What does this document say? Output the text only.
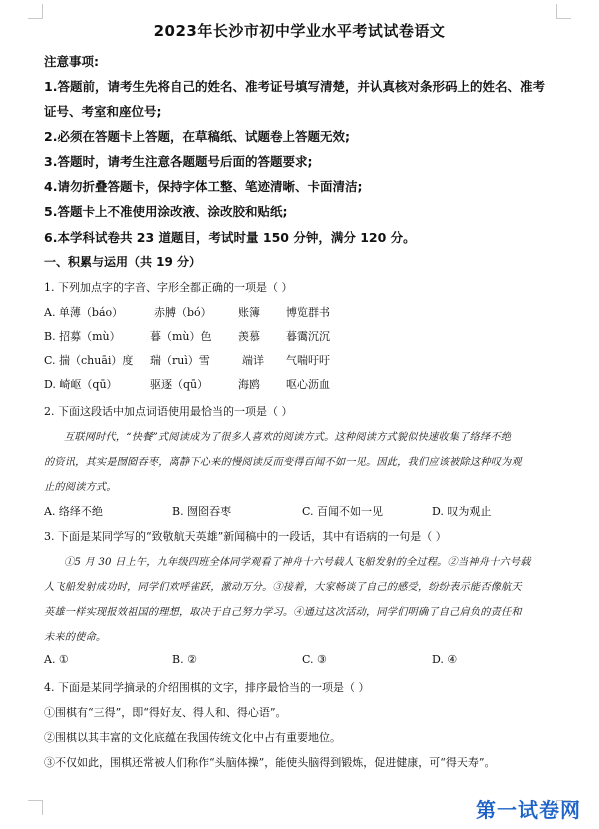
2023年长沙市初中学业水平考试试卷语文
注意事项:
1.答题前，请考生先将自己的姓名、准考证号填写清楚，并认真核对条形码上的姓名、准考
证号、考室和座位号;
2.必须在答题卡上答题，在草稿纸、试题卷上答题无效;
3.答题时，请考生注意各题题号后面的答题要求;
4.请勿折叠答题卡，保持字体工整、笔迹清晰、卡面清洁;
5.答题卡上不准使用涂改液、涂改胶和贴纸;
6.本学科试卷共 23 道题目，考试时量 150 分钟，满分 120 分。
一、积累与运用（共 19 分）
1. 下列加点字的字音、字形全都正确的一项是（ ）
A. 单薄（báo）	赤膊（bó） 账簿 博览群书
B. 招募（mù）	暮（mù）色 羡慕 暮霭沉沉
C. 揣（chuāi）度 瑞（ruì）雪	端详 气喘吁吁
D. 崎岖（qū）	驱逐（qū）	海鸥 呕心沥血
2. 下面这段话中加点词语使用最恰当的一项是（ ）
互联网时代，“快餐”式阅读成为了很多人喜欢的阅读方式。这种阅读方式貌似快速收集了络绎不绝
的资讯，其实是囫囵吞枣，离静下心来的慢阅读反而变得百闻不如一见。因此，我们应该被除这种叹为观
止的阅读方式。
A. 络绎不绝	B. 囫囵吞枣	C. 百闻不如一见	D. 叹为观止
3. 下面是某同学写的“致敬航天英雄”新闻稿中的一段话，其中有语病的一句是（ ）
①5 月 30 日上午，九年级四班全体同学观看了神舟十六号载人飞船发射的全过程。②当神舟十六号载
人飞船发射成功时，同学们欢呼雀跃，激动万分。③接着，大家畅谈了自己的感受，纷纷表示能否像航天
英雄一样实现报效祖国的理想，取决于自己努力学习。④通过这次活动，同学们明确了自己肩负的责任和
未来的使命。
A. ①	B. ②	C. ③	D. ④
4. 下面是某同学摘录的介绍围棋的文字，排序最恰当的一项是（ ）
①围棋有“三得”，即“得好友、得人和、得心语”。
②围棋以其丰富的文化底蕴在我国传统文化中占有重要地位。
③不仅如此，围棋还常被人们称作“头脑体操”，能使头脑得到锻炼，促进健康，可“得天寿”。
第一试卷网
